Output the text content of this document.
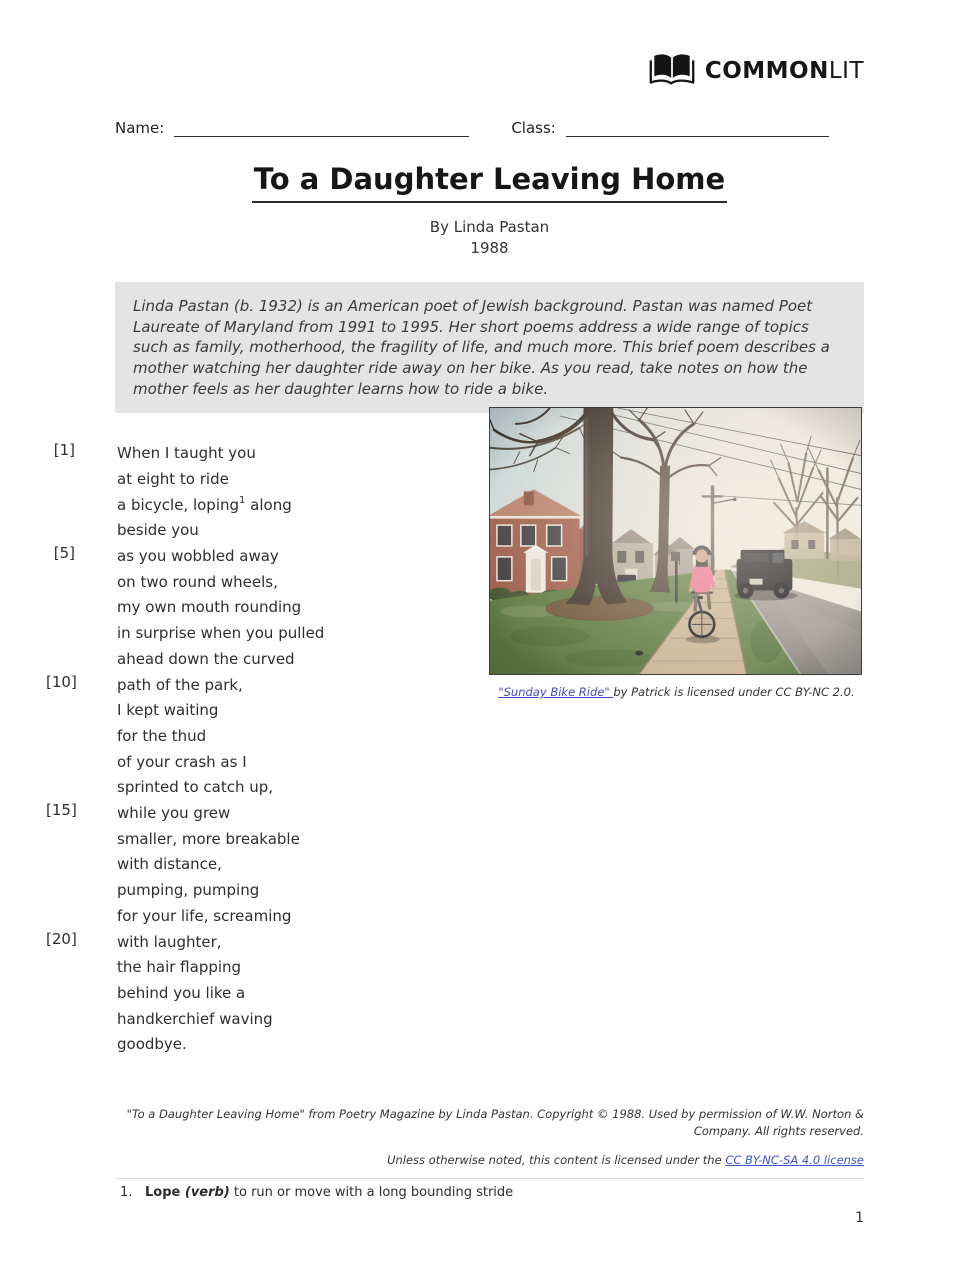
COMMONLIT
Name:	Class:
To a Daughter Leaving Home
By Linda Pastan
1988
Linda Pastan (b. 1932) is an American poet of Jewish background. Pastan was named Poet Laureate of Maryland from 1991 to 1995. Her short poems address a wide range of topics such as family, motherhood, the fragility of life, and much more. This brief poem describes a mother watching her daughter ride away on her bike. As you read, take notes on how the mother feels as her daughter learns how to ride a bike.
[1]	When I taught you
at eight to ride
a bicycle, loping$^1$ along
beside you
[5]	as you wobbled away
on two round wheels,
my own mouth rounding
in surprise when you pulled
ahead down the curved
[10]	path of the park,
I kept waiting
for the thud
of your crash as I
sprinted to catch up,
[15]	while you grew
smaller, more breakable
with distance,
pumping, pumping
for your life, screaming
[20]	with laughter,
the hair flapping
behind you like a
handkerchief waving
goodbye.
"Sunday Bike Ride" by Patrick is licensed under CC BY-NC 2.0.
"To a Daughter Leaving Home" from Poetry Magazine by Linda Pastan. Copyright © 1988. Used by permission of W.W. Norton & Company. All rights reserved.
Unless otherwise noted, this content is licensed under the CC BY-NC-SA 4.0 license
1. Lope (verb) to run or move with a long bounding stride
1
